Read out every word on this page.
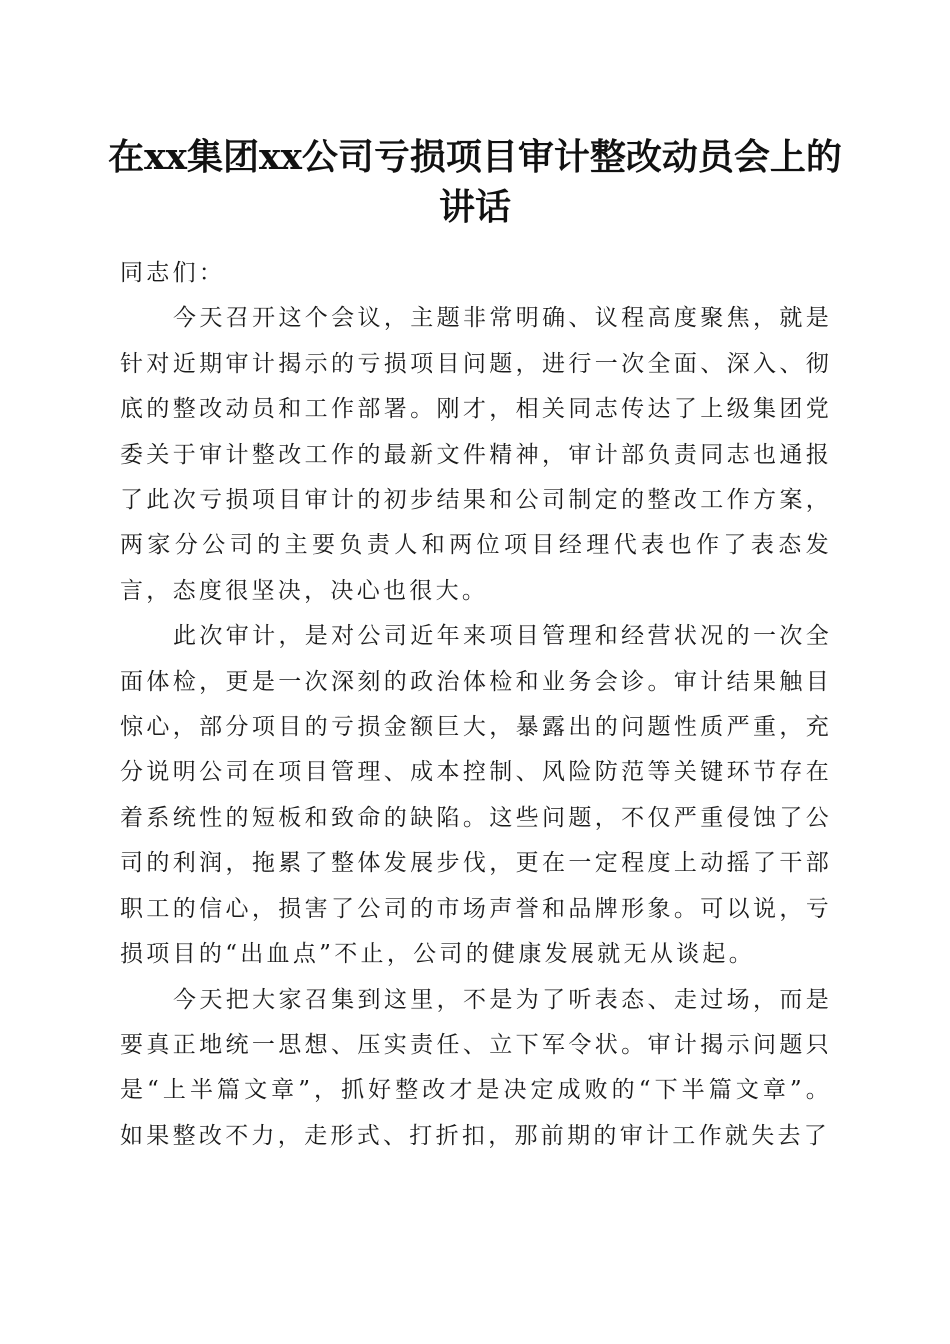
在xx集团xx公司亏损项目审计整改动员会上的讲话

同志们：

今天召开这个会议，主题非常明确、议程高度聚焦，就是针对近期审计揭示的亏损项目问题，进行一次全面、深入、彻底的整改动员和工作部署。刚才，相关同志传达了上级集团党委关于审计整改工作的最新文件精神，审计部负责同志也通报了此次亏损项目审计的初步结果和公司制定的整改工作方案，两家分公司的主要负责人和两位项目经理代表也作了表态发言，态度很坚决，决心也很大。

此次审计，是对公司近年来项目管理和经营状况的一次全面体检，更是一次深刻的政治体检和业务会诊。审计结果触目惊心，部分项目的亏损金额巨大，暴露出的问题性质严重，充分说明公司在项目管理、成本控制、风险防范等关键环节存在着系统性的短板和致命的缺陷。这些问题，不仅严重侵蚀了公司的利润，拖累了整体发展步伐，更在一定程度上动摇了干部职工的信心，损害了公司的市场声誉和品牌形象。可以说，亏损项目的“出血点”不止，公司的健康发展就无从谈起。

今天把大家召集到这里，不是为了听表态、走过场，而是要真正地统一思想、压实责任、立下军令状。审计揭示问题只是“上半篇文章”，抓好整改才是决定成败的“下半篇文章”。如果整改不力，走形式、打折扣，那前期的审计工作就失去了
